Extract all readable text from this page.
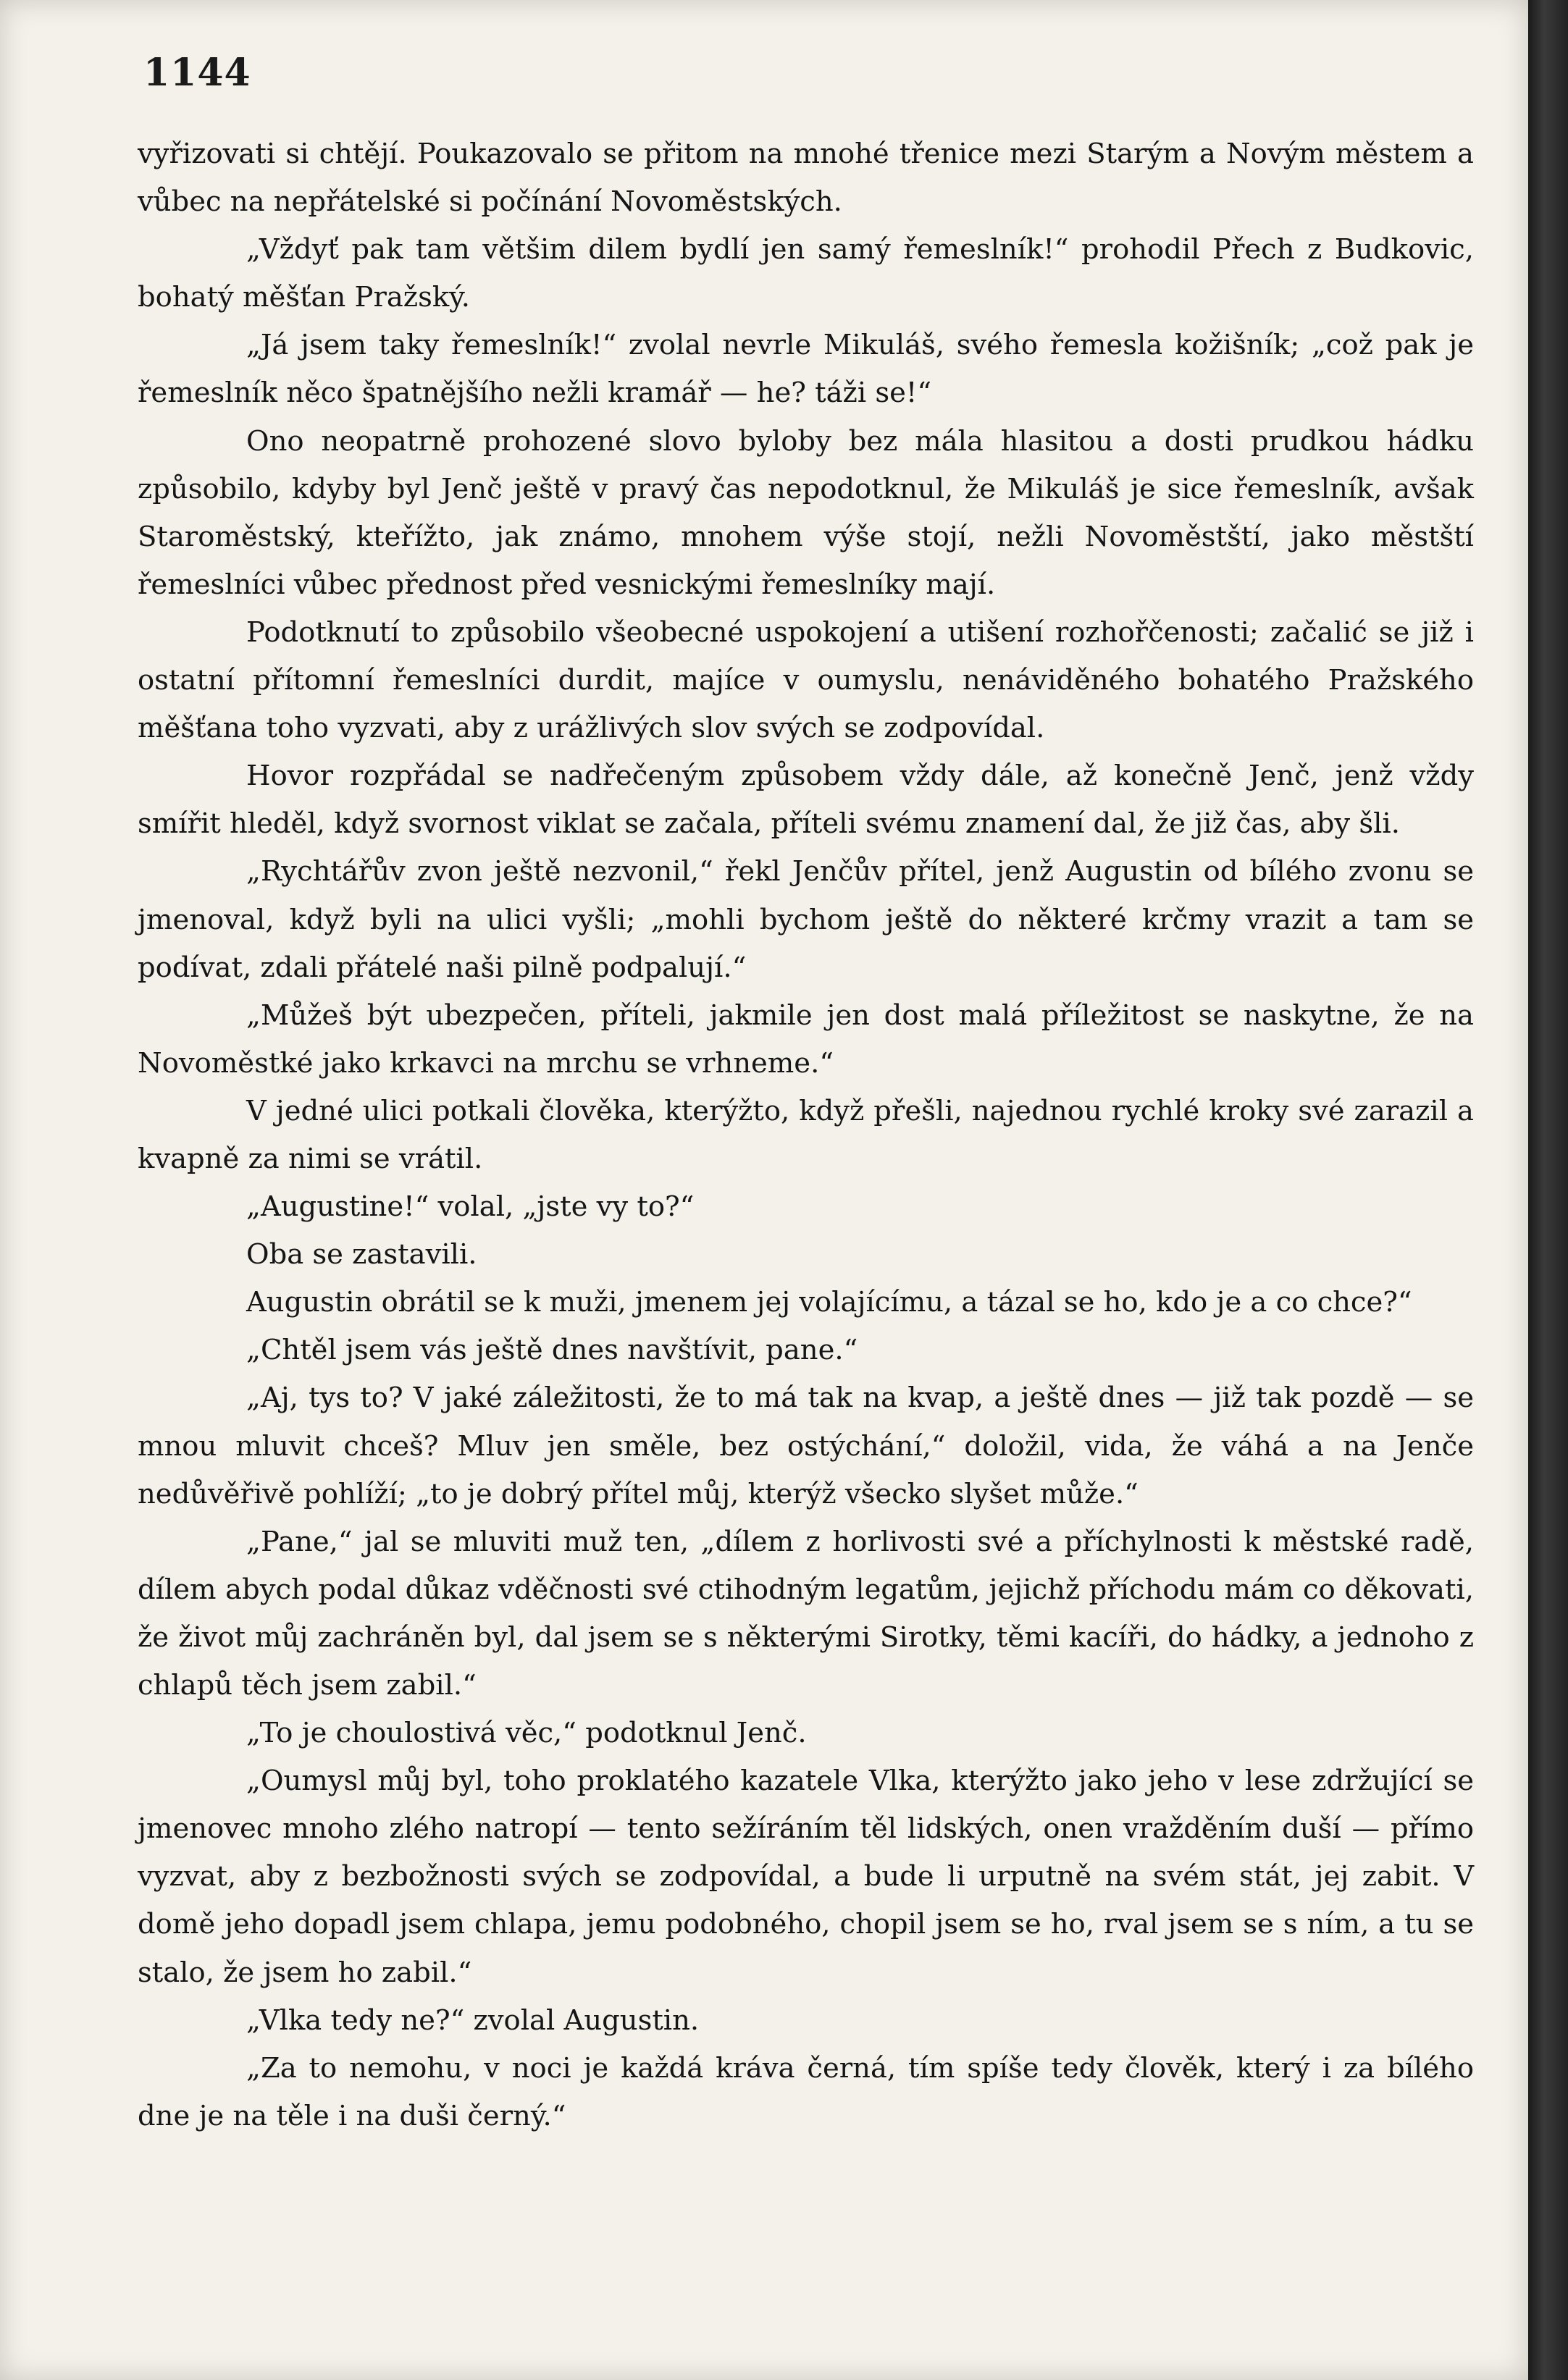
1144

vyřizovati si chtějí. Poukazovalo se přitom na mnohé třenice mezi Starým a Novým městem a vůbec na nepřátelské si počínání Novoměstských.

„Vždyť pak tam většim dilem bydlí jen samý řemeslník!“ prohodil Přech z Budkovic, bohatý měšťan Pražský.

„Já jsem taky řemeslník!“ zvolal nevrle Mikuláš, svého řemesla kožišník; „což pak je řemeslník něco špatnějšího nežli kramář — he? táži se!“

Ono neopatrně prohozené slovo byloby bez mála hlasitou a dosti prudkou hádku způsobilo, kdyby byl Jenč ještě v pravý čas nepodotknul, že Mikuláš je sice řemeslník, avšak Staroměstský, kteřížto, jak známo, mnohem výše stojí, nežli Novoměstští, jako městští řemeslníci vůbec přednost před vesnickými řemeslníky mají.

Podotknutí to způsobilo všeobecné uspokojení a utišení rozhořčenosti; začalić se již i ostatní přítomní řemeslníci durdit, majíce v oumyslu, nenáviděného bohatého Pražského měšťana toho vyzvati, aby z urážlivých slov svých se zodpovídal.

Hovor rozpřádal se nadřečeným způsobem vždy dále, až konečně Jenč, jenž vždy smířit hleděl, když svornost viklat se začala, příteli svému znamení dal, že již čas, aby šli.

„Rychtářův zvon ještě nezvonil,“ řekl Jenčův přítel, jenž Augustin od bílého zvonu se jmenoval, když byli na ulici vyšli; „mohli bychom ještě do některé krčmy vrazit a tam se podívat, zdali přátelé naši pilně podpalují.“

„Můžeš být ubezpečen, příteli, jakmile jen dost malá příležitost se naskytne, že na Novoměstké jako krkavci na mrchu se vrhneme.“

V jedné ulici potkali člověka, kterýžto, když přešli, najednou rychlé kroky své zarazil a kvapně za nimi se vrátil.

„Augustine!“ volal, „jste vy to?“

Oba se zastavili.

Augustin obrátil se k muži, jmenem jej volajícímu, a tázal se ho, kdo je a co chce?“

„Chtěl jsem vás ještě dnes navštívit, pane.“

„Aj, tys to? V jaké záležitosti, že to má tak na kvap, a ještě dnes — již tak pozdě — se mnou mluvit chceš? Mluv jen směle, bez ostýchání,“ doložil, vida, že váhá a na Jenče nedůvěřivě pohlíží; „to je dobrý přítel můj, kterýž všecko slyšet může.“

„Pane,“ jal se mluviti muž ten, „dílem z horlivosti své a příchylnosti k městské radě, dílem abych podal důkaz vděčnosti své ctihodným legatům, jejichž příchodu mám co děkovati, že život můj zachráněn byl, dal jsem se s některými Sirotky, těmi kacíři, do hádky, a jednoho z chlapů těch jsem zabil.“

„To je choulostivá věc,“ podotknul Jenč.

„Oumysl můj byl, toho proklatého kazatele Vlka, kterýžto jako jeho v lese zdržující se jmenovec mnoho zlého natropí — tento sežíráním těl lidských, onen vražděním duší — přímo vyzvat, aby z bezbožnosti svých se zodpovídal, a bude li urputně na svém stát, jej zabit. V domě jeho dopadl jsem chlapa, jemu podobného, chopil jsem se ho, rval jsem se s ním, a tu se stalo, že jsem ho zabil.“

„Vlka tedy ne?“ zvolal Augustin.

„Za to nemohu, v noci je každá kráva černá, tím spíše tedy člověk, který i za bílého dne je na těle i na duši černý.“
